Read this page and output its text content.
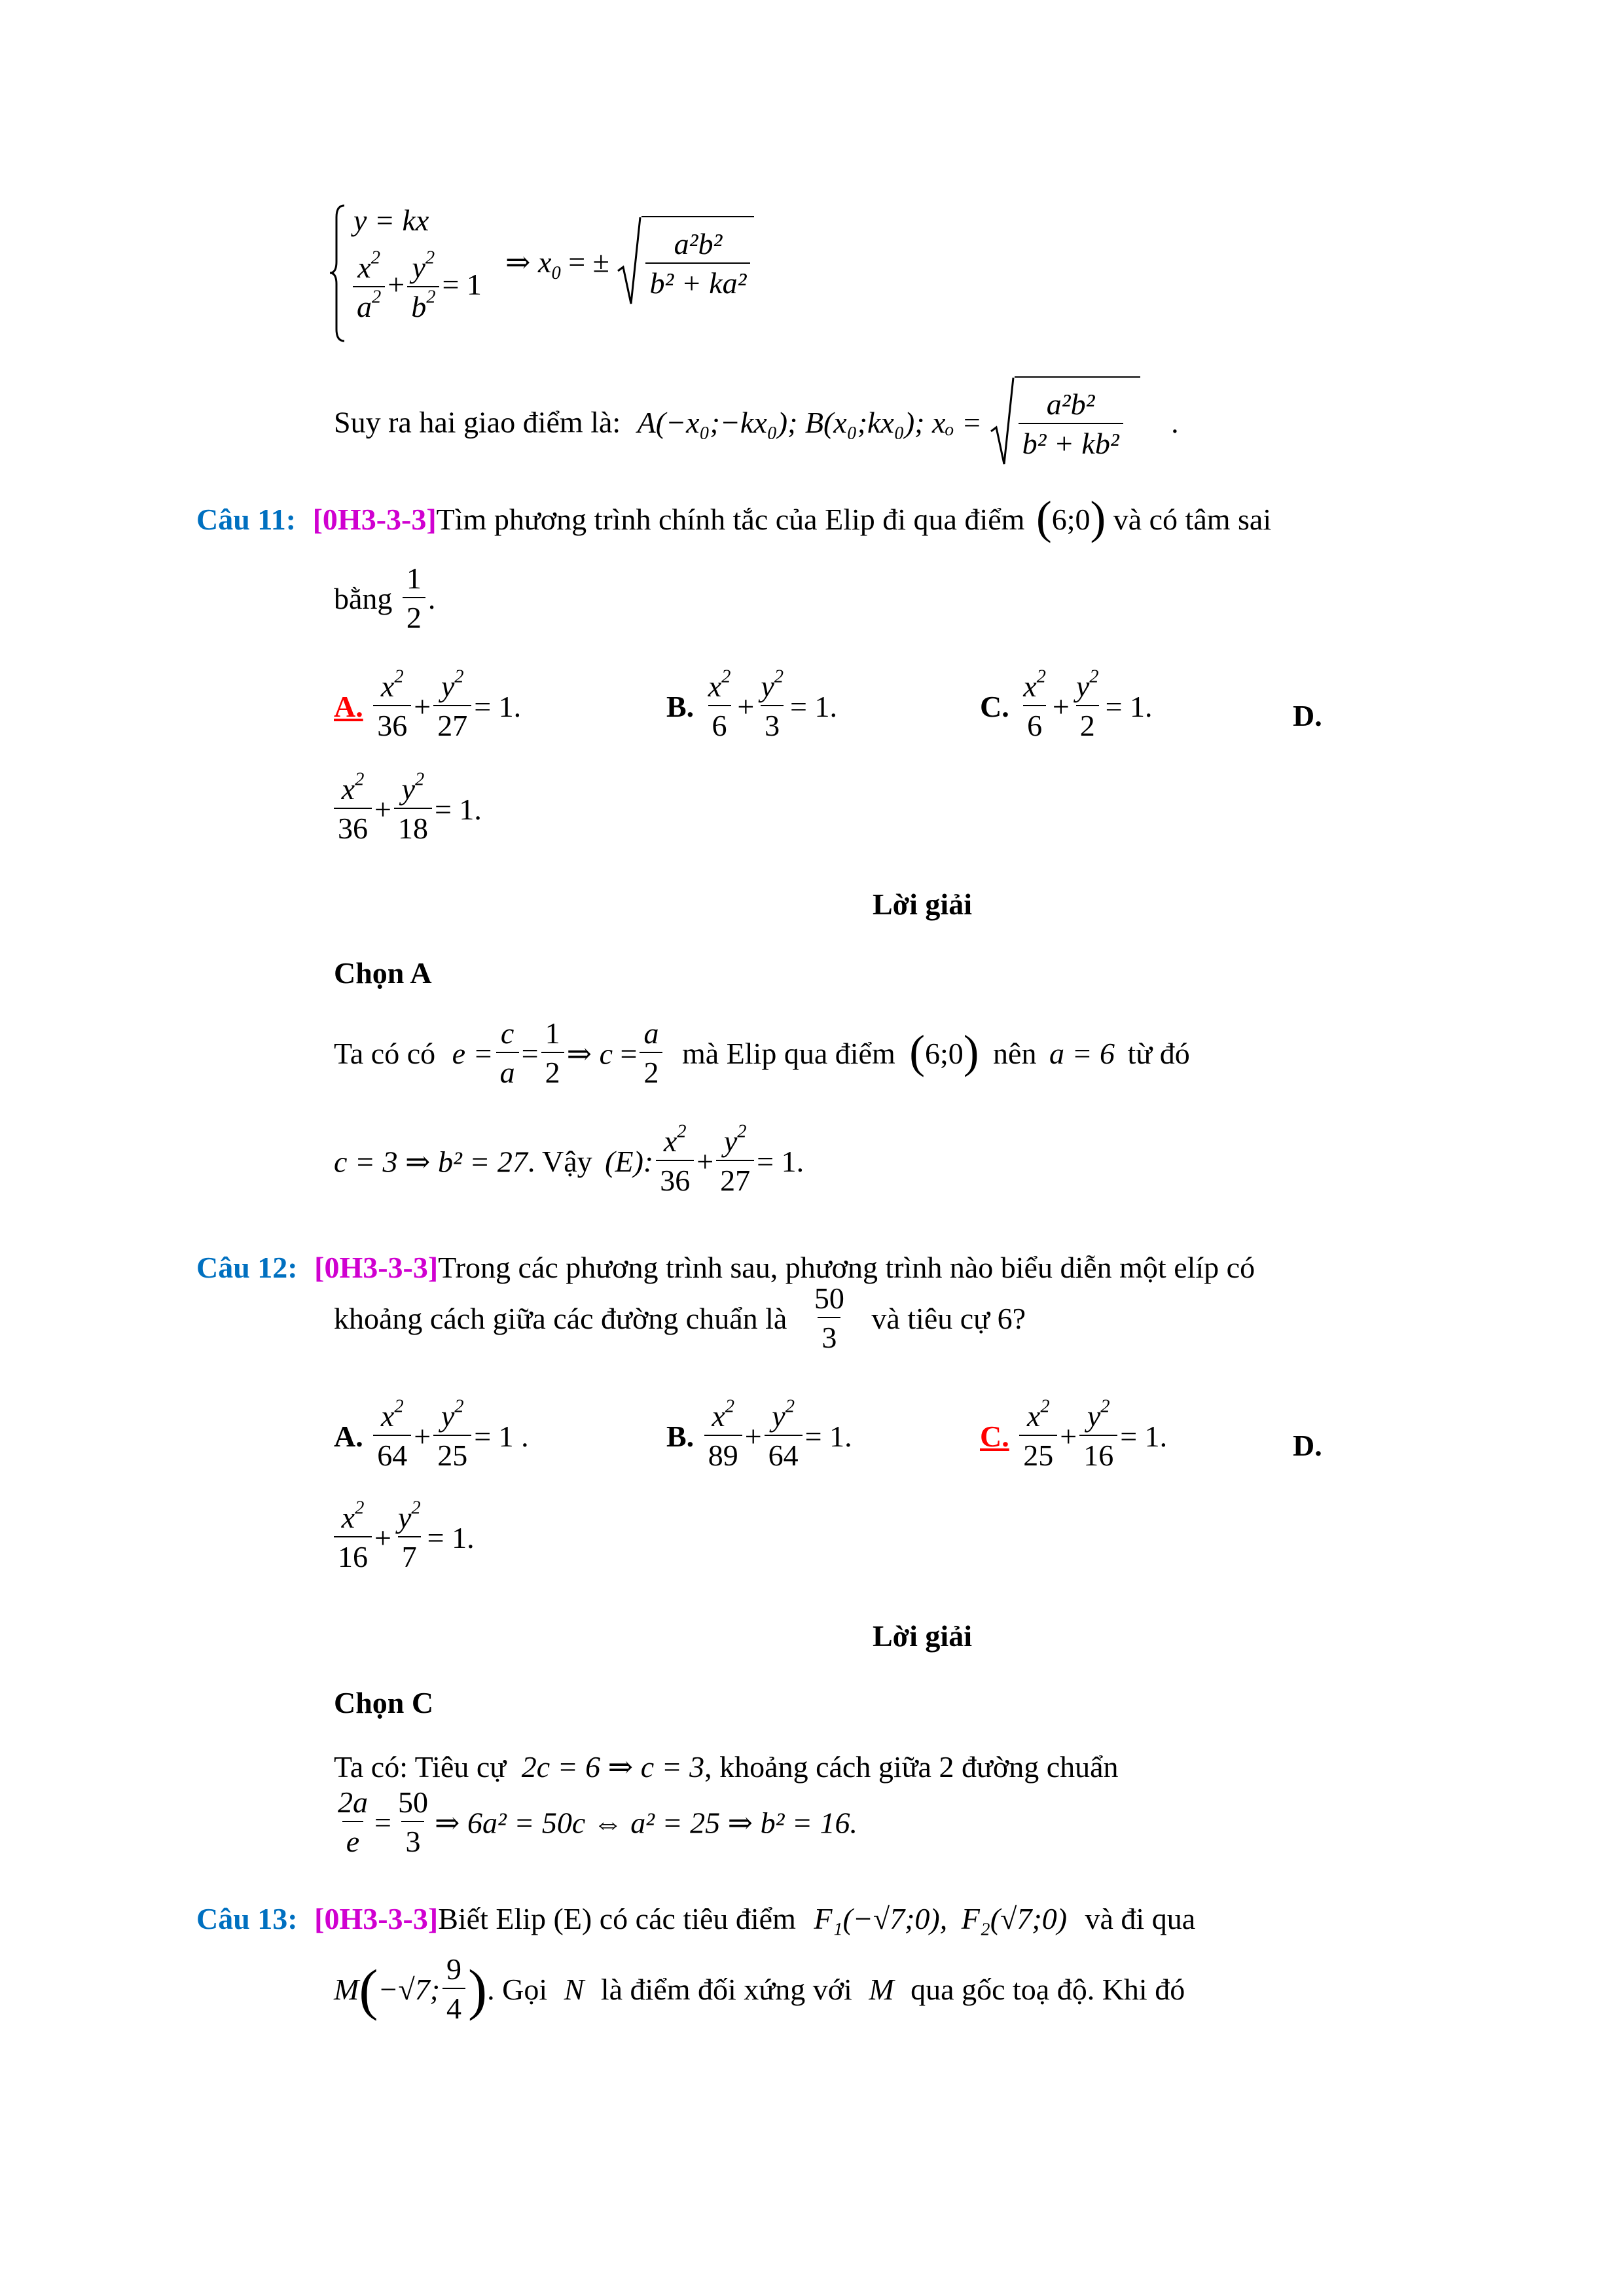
y = kx
$\frac{x^2}{a^2} + \frac{y^2}{b^2} = 1$
⇒ $x_0$ = ± $\frac{\text{a²b²}}{\text{b² + ka²}}$
Suy ra hai giao điểm là: A(−x₀;−kx₀); B(x₀;kx₀); $x_o = \frac{\text{a²b²}}{\text{b² + kb²}}$ .
Câu 11: [0H3-3-3]Tìm phương trình chính tắc của Elip đi qua điểm (6;0) và có tâm sai
bằng $\frac{1}{2}$ .
A. $\frac{x^2}{36} + \frac{y^2}{27} = 1$.	B. $\frac{x^2}{6} + \frac{y^2}{3} = 1$.	C. $\frac{x^2}{6} + \frac{y^2}{2} = 1$.	D.
$\frac{x^2}{36} + \frac{y^2}{18} = 1$.
Lời giải
Chọn A
Ta có có $e = \frac{c}{a} = \frac{1}{2}$ ⇒ $c = \frac{a}{2}$ mà Elip qua điểm (6;0) nên a = 6 từ đó
c = 3 ⇒ b² = 27. Vậy (E): $\frac{x^2}{36} + \frac{y^2}{27} = 1$.
Câu 12: [0H3-3-3]Trong các phương trình sau, phương trình nào biểu diễn một elíp có
khoảng cách giữa các đường chuẩn là $\frac{50}{3}$ và tiêu cự 6?
A. $\frac{x^2}{64} + \frac{y^2}{25} = 1$ .	B. $\frac{x^2}{89} + \frac{y^2}{64} = 1$.	C. $\frac{x^2}{25} + \frac{y^2}{16} = 1$.	D.
$\frac{x^2}{16} + \frac{y^2}{7} = 1$.
Lời giải
Chọn C
Ta có: Tiêu cự 2c = 6 ⇒ c = 3, khoảng cách giữa 2 đường chuẩn
$\frac{2a}{e} = \frac{50}{3}$ ⇒ 6a² = 50c ⇔ a² = 25 ⇒ b² = 16.
Câu 13: [0H3-3-3]Biết Elip (E) có các tiêu điểm F₁(−√7;0), F₂(√7;0) và đi qua
M(−√7; $\frac{9}{4}$ ). Gọi N là điểm đối xứng với M qua gốc toạ độ. Khi đó
